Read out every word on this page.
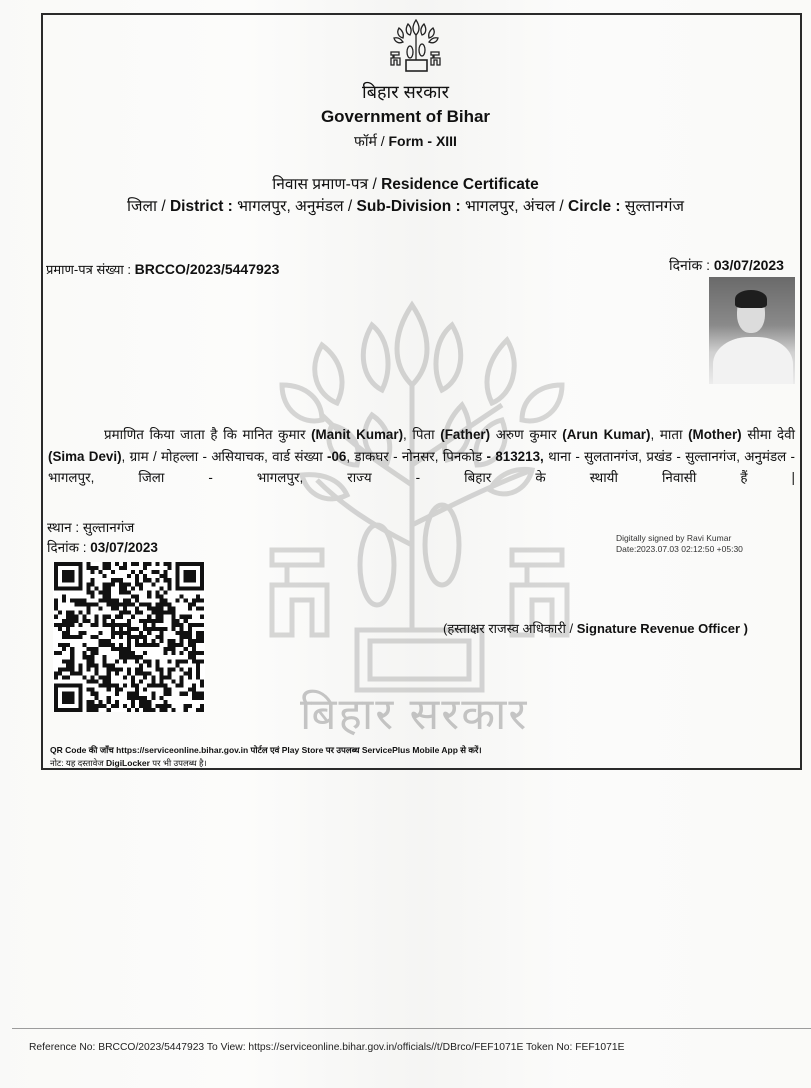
बिहार सरकार
बिहार सरकार
Government of Bihar
फॉर्म / Form - XIII
निवास प्रमाण-पत्र / Residence Certificate
जिला / District : भागलपुर, अनुमंडल / Sub-Division : भागलपुर, अंचल / Circle : सुल्तानगंज
प्रमाण-पत्र संख्या : BRCCO/2023/5447923	दिनांक : 03/07/2023
प्रमाणित किया जाता है कि मानित कुमार (Manit Kumar), पिता (Father) अरुण कुमार (Arun Kumar), माता (Mother) सीमा देवी (Sima Devi), ग्राम / मोहल्ला - असियाचक, वार्ड संख्या -06, डाकघर - नोनसर, पिनकोड - 813213, थाना - सुलतानगंज, प्रखंड - सुल्तानगंज, अनुमंडल - भागलपुर, जिला - भागलपुर, राज्य - बिहार के स्थायी निवासी हैं |
स्थान : सुल्तानगंज
दिनांक : 03/07/2023
Digitally signed by Ravi Kumar
Date:2023.07.03 02:12:50 +05:30
(हस्ताक्षर राजस्व अधिकारी / Signature Revenue Officer )
QR Code की जाँच https://serviceonline.bihar.gov.in पोर्टल एवं Play Store पर उपलब्ध ServicePlus Mobile App से करें।
नोट: यह दस्तावेज DigiLocker पर भी उपलब्ध है।
Reference No: BRCCO/2023/5447923 To View: https://serviceonline.bihar.gov.in/officials//t/DBrco/FEF1071E Token No: FEF1071E
